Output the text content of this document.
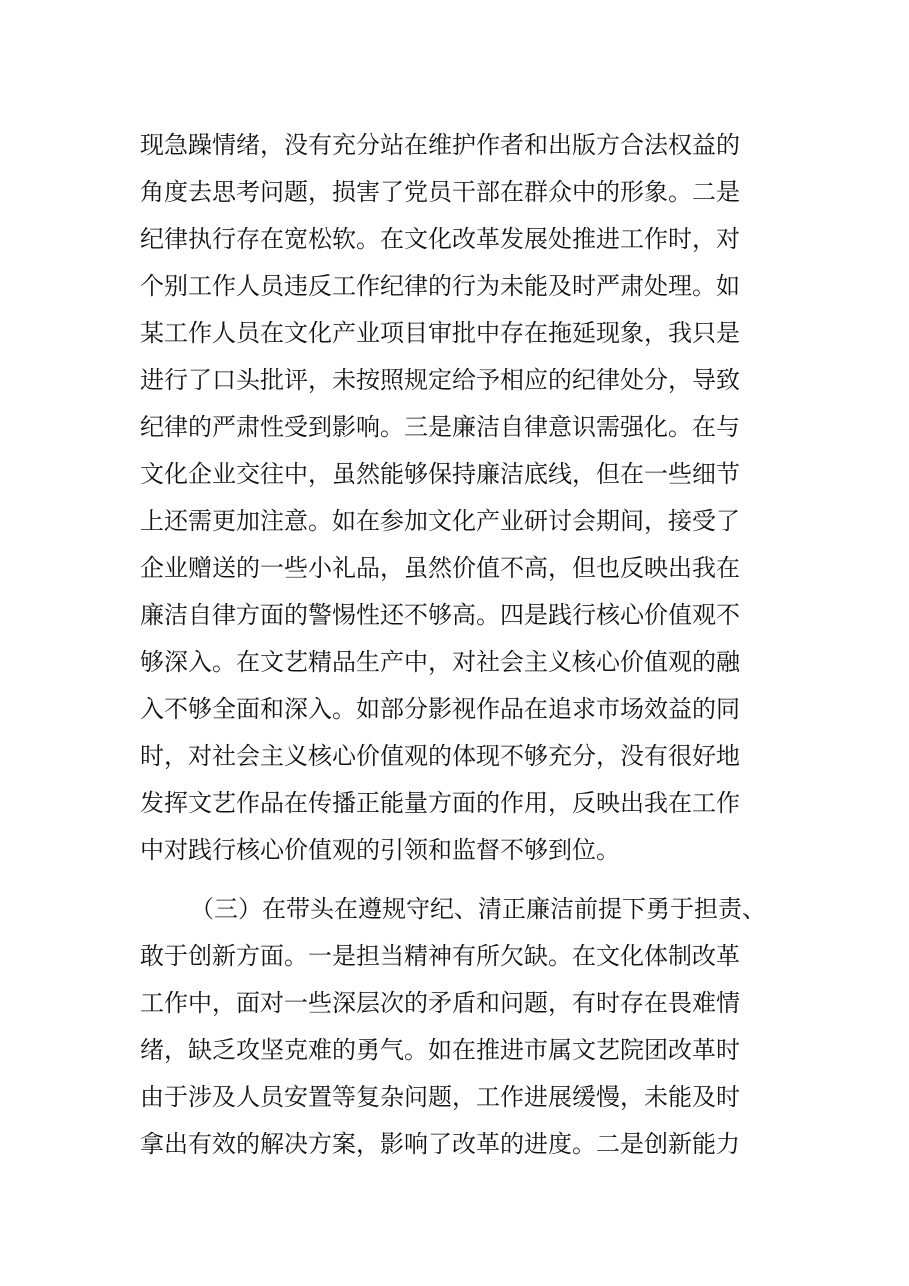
现急躁情绪，没有充分站在维护作者和出版方合法权益的
角度去思考问题，损害了党员干部在群众中的形象。二是
纪律执行存在宽松软。在文化改革发展处推进工作时，对
个别工作人员违反工作纪律的行为未能及时严肃处理。如
某工作人员在文化产业项目审批中存在拖延现象，我只是
进行了口头批评，未按照规定给予相应的纪律处分，导致
纪律的严肃性受到影响。三是廉洁自律意识需强化。在与
文化企业交往中，虽然能够保持廉洁底线，但在一些细节
上还需更加注意。如在参加文化产业研讨会期间，接受了
企业赠送的一些小礼品，虽然价值不高，但也反映出我在
廉洁自律方面的警惕性还不够高。四是践行核心价值观不
够深入。在文艺精品生产中，对社会主义核心价值观的融
入不够全面和深入。如部分影视作品在追求市场效益的同
时，对社会主义核心价值观的体现不够充分，没有很好地
发挥文艺作品在传播正能量方面的作用，反映出我在工作
中对践行核心价值观的引领和监督不够到位。
（三）在带头在遵规守纪、清正廉洁前提下勇于担责、
敢于创新方面。一是担当精神有所欠缺。在文化体制改革
工作中，面对一些深层次的矛盾和问题，有时存在畏难情
绪，缺乏攻坚克难的勇气。如在推进市属文艺院团改革时
由于涉及人员安置等复杂问题，工作进展缓慢，未能及时
拿出有效的解决方案，影响了改革的进度。二是创新能力
